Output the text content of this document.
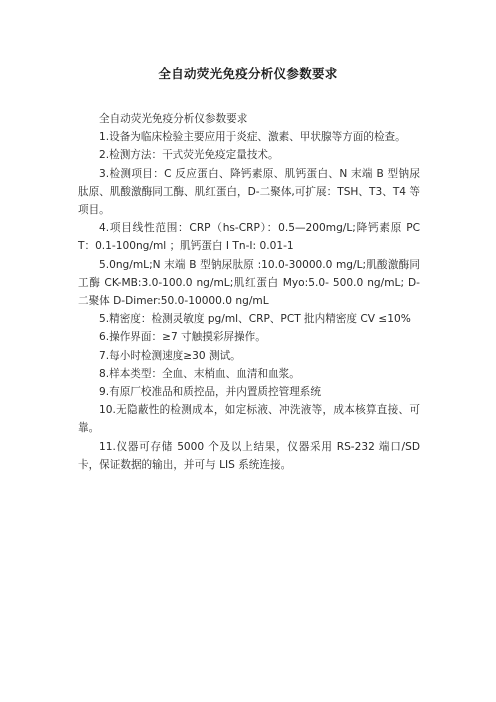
全自动荧光免疫分析仪参数要求

全自动荧光免疫分析仪参数要求

1.设备为临床检验主要应用于炎症、激素、甲状腺等方面的检查。

2.检测方法：干式荧光免疫定量技术。

3.检测项目：C 反应蛋白、降钙素原、肌钙蛋白、N 末端 B 型钠尿肽原、肌酸激酶同工酶、肌红蛋白，D-二聚体,可扩展：TSH、T3、T4 等项目。

4.项目线性范围：CRP（hs-CRP）：0.5—200mg/L;降钙素原 PCT：0.1-100ng/ml ；肌钙蛋白 I Tn-I: 0.01-1

5.0ng/mL;N 末端 B 型钠尿肽原 :10.0-30000.0 mg/L;肌酸激酶同工酶 CK-MB:3.0-100.0 ng/mL;肌红蛋白 Myo:5.0- 500.0 ng/mL; D-二聚体 D-Dimer:50.0-10000.0 ng/mL

5.精密度：检测灵敏度 pg/ml、CRP、PCT 批内精密度 CV ≤10%

6.操作界面：≥7 寸触摸彩屏操作。

7.每小时检测速度≥30 测试。

8.样本类型：全血、末梢血、血清和血浆。

9.有原厂校准品和质控品，并内置质控管理系统

10.无隐蔽性的检测成本，如定标液、冲洗液等，成本核算直接、可靠。

11.仪器可存储 5000 个及以上结果，仪器采用 RS-232 端口/SD 卡，保证数据的输出，并可与 LIS 系统连接。
